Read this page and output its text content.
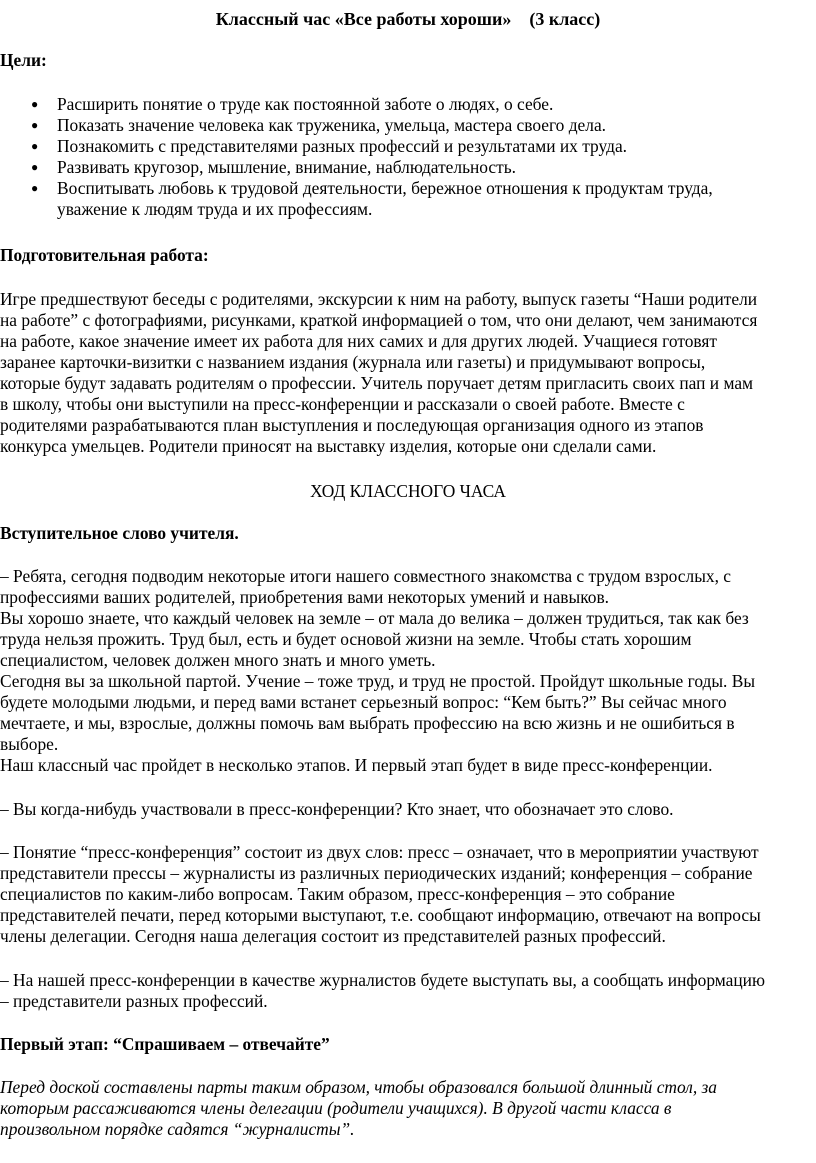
Классный час «Все работы хороши»    (3 класс)
Цели:
● Расширить понятие о труде как постоянной заботе о людях, о себе.
● Показать значение человека как труженика, умельца, мастера своего дела.
● Познакомить с представителями разных профессий и результатами их труда.
● Развивать кругозор, мышление, внимание, наблюдательность.
● Воспитывать любовь к трудовой деятельности, бережное отношения к продуктам труда,
уважение к людям труда и их профессиям.
Подготовительная работа:
Игре предшествуют беседы с родителями, экскурсии к ним на работу, выпуск газеты “Наши родители
на работе” с фотографиями, рисунками, краткой информацией о том, что они делают, чем занимаются
на работе, какое значение имеет их работа для них самих и для других людей. Учащиеся готовят
заранее карточки-визитки с названием издания (журнала или газеты) и придумывают вопросы,
которые будут задавать родителям о профессии. Учитель поручает детям пригласить своих пап и мам
в школу, чтобы они выступили на пресс-конференции и рассказали о своей работе. Вместе с
родителями разрабатываются план выступления и последующая организация одного из этапов
конкурса умельцев. Родители приносят на выставку изделия, которые они сделали сами.
ХОД КЛАССНОГО ЧАСА
Вступительное слово учителя.
– Ребята, сегодня подводим некоторые итоги нашего совместного знакомства с трудом взрослых, с
профессиями ваших родителей, приобретения вами некоторых умений и навыков.
Вы хорошо знаете, что каждый человек на земле – от мала до велика – должен трудиться, так как без
труда нельзя прожить. Труд был, есть и будет основой жизни на земле. Чтобы стать хорошим
специалистом, человек должен много знать и много уметь.
Сегодня вы за школьной партой. Учение – тоже труд, и труд не простой. Пройдут школьные годы. Вы
будете молодыми людьми, и перед вами встанет серьезный вопрос: “Кем быть?” Вы сейчас много
мечтаете, и мы, взрослые, должны помочь вам выбрать профессию на всю жизнь и не ошибиться в
выборе.
Наш классный час пройдет в несколько этапов. И первый этап будет в виде пресс-конференции.
– Вы когда-нибудь участвовали в пресс-конференции? Кто знает, что обозначает это слово.
– Понятие “пресс-конференция” состоит из двух слов: пресс – означает, что в мероприятии участвуют
представители прессы – журналисты из различных периодических изданий; конференция – собрание
специалистов по каким-либо вопросам. Таким образом, пресс-конференция – это собрание
представителей печати, перед которыми выступают, т.е. сообщают информацию, отвечают на вопросы
члены делегации. Сегодня наша делегация состоит из представителей разных профессий.
– На нашей пресс-конференции в качестве журналистов будете выступать вы, а сообщать информацию
– представители разных профессий.
Первый этап: “Спрашиваем – отвечайте”
Перед доской составлены парты таким образом, чтобы образовался большой длинный стол, за
которым рассаживаются члены делегации (родители учащихся). В другой части класса в
произвольном порядке садятся “журналисты”.
